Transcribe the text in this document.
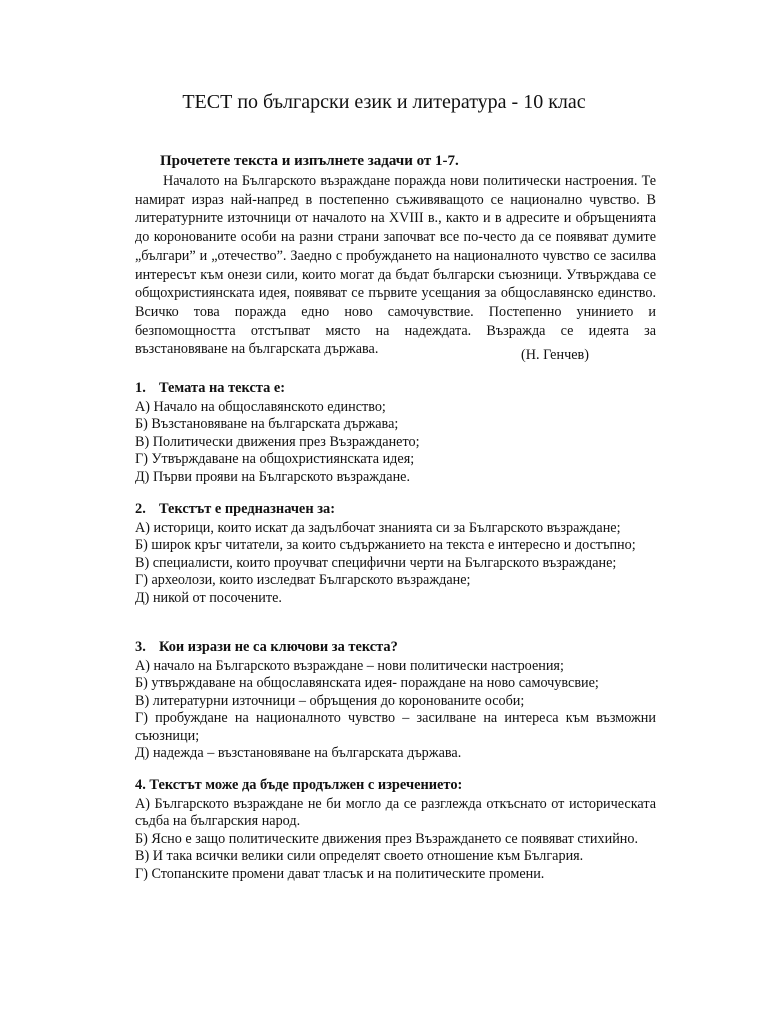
ТЕСТ по български език и литература - 10 клас
Прочетете текста и изпълнете задачи от 1-7.

Началото на Българското възраждане поражда нови политически настроения. Те намират израз най-напред в постепенно съживяващото се национално чувство. В литературните източници от началото на XVIII в., както и в адресите и обръщенията до коронованите особи на разни страни започват все по-често да се появяват думите „българи” и „отечество”. Заедно с пробуждането на националното чувство се засилва интересът към онези сили, които могат да бъдат български съюзници. Утвърждава се общохристиянската идея, появяват се първите усещания за общославянско единство. Всичко това поражда едно ново самочувствие. Постепенно унинието и безпомощността отстъпват място на надеждата. Възражда се идеята за възстановяване на българската държава.	(Н. Генчев)
1. Темата на текста е:

А) Начало на общославянското единство;

Б) Възстановяване на българската държава;

В) Политически движения през Възраждането;

Г) Утвърждаване на общохристиянската идея;

Д) Първи прояви на Българското възраждане.

2. Текстът е предназначен за:

А) историци, които искат да задълбочат знанията си за Българското възраждане;

Б) широк кръг читатели, за които съдържанието на текста е интересно и достъпно;

В) специалисти, които проучват специфични черти на Българското възраждане;

Г) археолози, които изследват Българското възраждане;

Д) никой от посочените.

3. Кои изрази не са ключови за текста?

А) начало на Българското възраждане – нови политически настроения;

Б) утвърждаване на общославянската идея- пораждане на ново самочувсвие;

В) литературни източници – обръщения до коронованите особи;

Г) пробуждане на националното чувство – засилване на интереса към възможни съюзници;

Д) надежда – възстановяване на българската държава.

4. Текстът може да бъде продължен с изречението:

А) Българското възраждане не би могло да се разглежда откъснато от историческата съдба на българския народ.

Б) Ясно е защо политическите движения през Възраждането се появяват стихийно.

В) И така всички велики сили определят своето отношение към България.

Г) Стопанските промени дават тласък и на политическите промени.
